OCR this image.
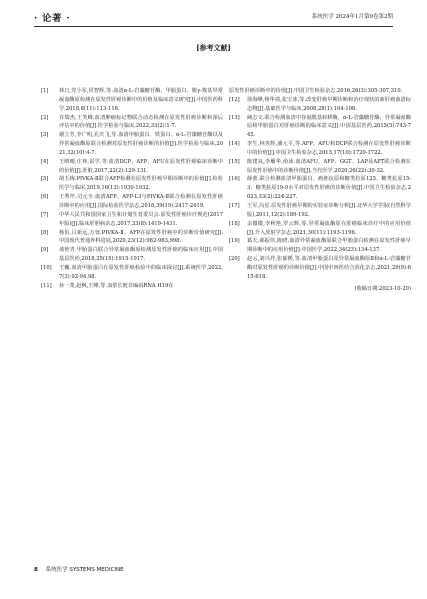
· 论著 ·	系统医学 2024年1月第9卷第2期
[参考文献]
[1] 林日,党小军,侯智辉,等.血清α-L-岩藻糖苷酶、甲胎蛋白、脱γ-羧基异常凝血酶原检测在原发性肝癌诊断中的价值及临床意义研究[J].中国医药科学,2018,8(11):113-116.
[2] 许瑞杰,王笑峰.血清肿瘤标记物联合动态检测在原发性肝癌诊断和预后评估中的价值[J].医学检验与临床,2022,33(2):1-7.
[3] 谢立芳,李广明,孔庆飞,等.血清甲胎蛋白、铁蛋白、α-L-岩藻糖苷酶以及异常凝血酶原联合检测对原发性肝癌诊断的价值[J].医学检验与临床,2021,32(10):4-7.
[4] 王晴晴,庄林,雷学,等.血清DCP、AFP、AFU在原发性肝癌临床诊断中的价值[J].肝脏,2017,22(2):129-131.
[5] 胡玉梅.PIVKA-Ⅱ联合AFP检测在原发性肝癌早期诊断中的价值[J].检验医学与临床,2019,16(13):1930-1932.
[6] 王秀芹,司元全.血清AFP、AFP-L3与PIVKA-Ⅱ联合检测在原发性肝癌诊断中的应用[J].国际检验医学杂志,2018,39(19):2417-2419.
[7] 中华人民共和国国家卫生和计划生育委员会.原发性肝癌诊疗规范(2017年版)[J].临床肝胆病杂志,2017,33(8):1419-1431.
[8] 杨伯,吕新远,万蓉.PIVKA-Ⅱ、AFP在原发性肝癌中的诊断价值研究[J].中国现代普通外科进展,2020,23(12):982-983,998.
[9] 谈艳青.甲胎蛋白联合异常凝血酶原检测原发性肝癌的临床应用[J].中国基层医药,2018,25(15):1915-1917.
[10] 王巍.血清甲胎蛋白在原发性肝癌检验中的临床探讨[J].系统医学,2022,7(3):92-94,98.
[11] 孙一斐,赵枫,王峰,等.血浆长链非编码RNA H19在
原发性肝癌诊断中的价值[J].中国卫生检验杂志,2016,26(3):305-307,310.
[12] 徐海峰,杨华倩,张宝冰,等.改变肝癌早期诊断和治疗现状的新肝癌血清标志物[J].基础医学与临床,2008,28(1):104-108.
[13] 阙志文.联合检测血清中谷氨酰基转移酶、α-L-岩藻糖苷酶、异常凝血酶原和甲胎蛋白对肝癌诊断的临床意义[J].中国基层医药,2015(5):743-745.
[14] 李生,林英辉,潘元平,等.AFP、AFU和DCP联合检测在原发性肝癌诊断中的价值[J].中国卫生检验杂志,2013,17(10):1720-1722.
[15] 陈建良,李雁华,俞沛.血清AFU、AFP、GGT、LAP及APT联合检测在原发性肝癌中的诊断价值[J].当代医学,2020,26(22):30-32.
[16] 薛蕾.联合检测血清甲胎蛋白、癌胚抗原和糖类抗原125、糖类抗原15-3、糖类抗原19-9水平对原发性肝癌的诊断价值[J].中国卫生检验杂志,2023,33(2):224-227.
[17] 王军,冯星.原发性肝癌早期的实验室诊断分析[J].北华大学学报(自然科学版),2011,12(2):189-192.
[18] 余微微,李秋艳,罗云辉,等.异常凝血酶原在肝癌临床诊疗中的应用价值[J].介入放射学杂志,2021,30(11):1193-1196.
[19] 葛天,郝振伟,陈晓.血清异常凝血酶原联合甲胎蛋白检测在原发性肝癌早期诊断中的应用价值[J].中国医学,2022,34(23):134-137.
[20] 赵云,刘兴祥,张郁媛,等.血清甲胎蛋白及异常凝血酶原Ⅱ和α-L-岩藻糖苷酶对原发性肝癌的诊断价值[J].中国中西医结合消化杂志,2021,29(9):615-618.
(收稿日期:2023-10-20)
8 系统医学 SYSTEMS MEDICINE
